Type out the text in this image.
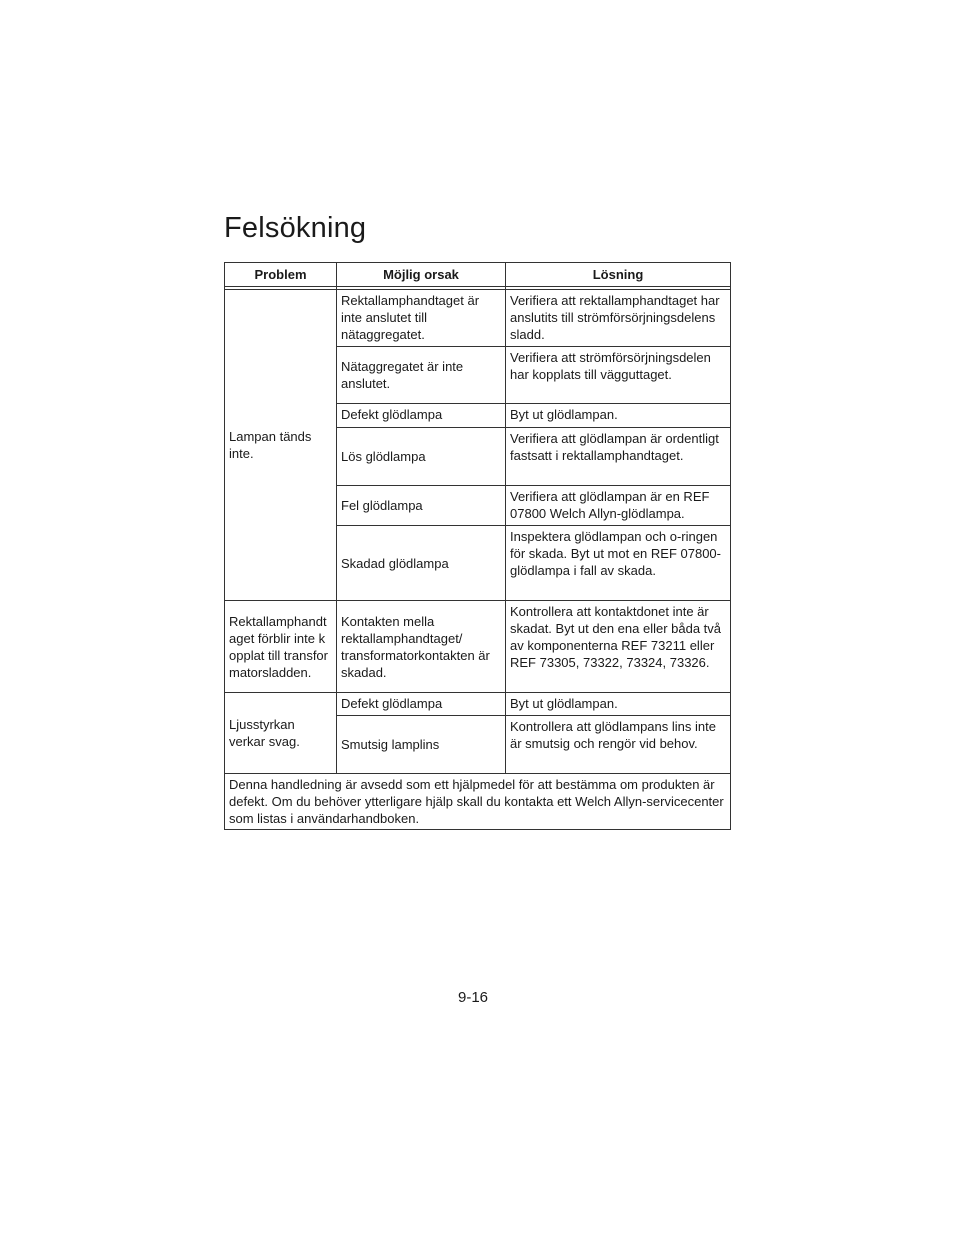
Felsökning
Problem	Möjlig orsak	Lösning

Lampan tänds inte.	Rektallamphandtaget är inte anslutet till nätaggregatet.	Verifiera att rektallamphandtaget har anslutits till strömförsörjningsdelens sladd.
	Nätaggregatet är inte anslutet.	Verifiera att strömförsörjningsdelen har kopplats till vägguttaget.
	Defekt glödlampa	Byt ut glödlampan.
	Lös glödlampa	Verifiera att glödlampan är ordentligt fastsatt i rektallamphandtaget.
	Fel glödlampa	Verifiera att glödlampan är en REF 07800 Welch Allyn-glödlampa.
	Skadad glödlampa	Inspektera glödlampan och o-ringen för skada. Byt ut mot en REF 07800-glödlampa i fall av skada.
Rektallamphandtaget förblir inte kopplat till transformatorsladden.	Kontakten mella rektallamphandtaget/ transformatorkontakten är skadad.	Kontrollera att kontaktdonet inte är skadat. Byt ut den ena eller båda två av komponenterna REF 73211 eller REF 73305, 73322, 73324, 73326.
Ljusstyrkan verkar svag.	Defekt glödlampa	Byt ut glödlampan.
	Smutsig lamplins	Kontrollera att glödlampans lins inte är smutsig och rengör vid behov.
Denna handledning är avsedd som ett hjälpmedel för att bestämma om produkten är defekt. Om du behöver ytterligare hjälp skall du kontakta ett Welch Allyn-servicecenter som listas i användarhandboken.		
9-16
